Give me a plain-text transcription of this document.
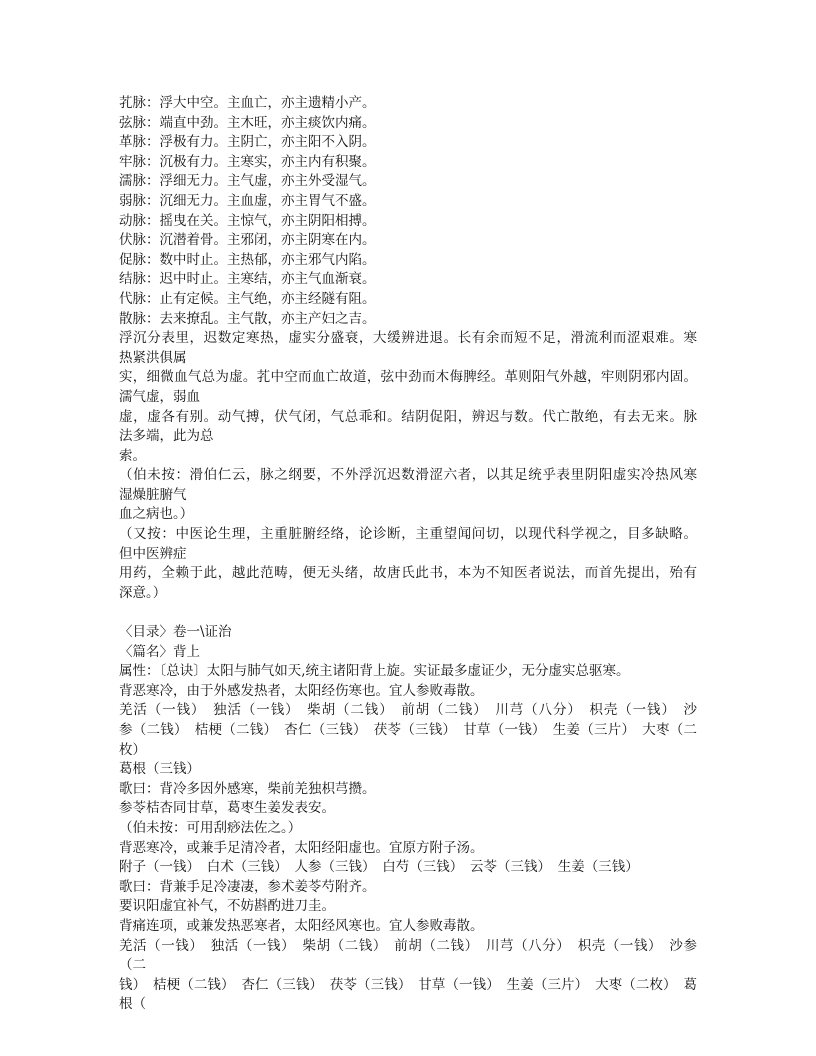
芤脉：浮大中空。主血亡，亦主遗精小产。
弦脉：端直中劲。主木旺，亦主痰饮内痛。
革脉：浮极有力。主阴亡，亦主阳不入阴。
牢脉：沉极有力。主寒实，亦主内有积聚。
濡脉：浮细无力。主气虚，亦主外受湿气。
弱脉：沉细无力。主血虚，亦主胃气不盛。
动脉：摇曳在关。主惊气，亦主阴阳相搏。
伏脉：沉潜着骨。主邪闭，亦主阴寒在内。
促脉：数中时止。主热郁，亦主邪气内陷。
结脉：迟中时止。主寒结，亦主气血渐衰。
代脉：止有定候。主气绝，亦主经隧有阻。
散脉：去来撩乱。主气散，亦主产妇之吉。
浮沉分表里，迟数定寒热，虚实分盛衰，大缓辨进退。长有余而短不足，滑流利而涩艰难。寒
热紧洪俱属
实，细微血气总为虚。芤中空而血亡故道，弦中劲而木侮脾经。革则阳气外越，牢则阴邪内固。
濡气虚，弱血
虚，虚各有别。动气搏，伏气闭，气总乖和。结阴促阳，辨迟与数。代亡散绝，有去无来。脉
法多端，此为总
索。
（伯未按：滑伯仁云，脉之纲要，不外浮沉迟数滑涩六者，以其足统乎表里阴阳虚实冷热风寒
湿燥脏腑气
血之病也。）
（又按：中医论生理，主重脏腑经络，论诊断，主重望闻问切，以现代科学视之，目多缺略。
但中医辨症
用药，全赖于此，越此范畴，便无头绪，故唐氏此书，本为不知医者说法，而首先提出，殆有
深意。）
〈目录〉卷一\证治
〈篇名〉背上
属性：〔总诀〕太阳与肺气如天,统主诸阳背上旋。实证最多虚证少，无分虚实总驱寒。
背恶寒冷，由于外感发热者，太阳经伤寒也。宜人参败毒散。
羌活（一钱）　独活（一钱）　柴胡（二钱）　前胡（二钱）　川芎（八分）　枳壳（一钱）　沙
参（二钱）　桔梗（二钱）　杏仁（三钱）　茯苓（三钱）　甘草（一钱）　生姜（三片）　大枣（二
枚）
葛根（三钱）
歌曰：背冷多因外感寒，柴前羌独枳芎攒。
参苓桔杏同甘草，葛枣生姜发表安。
（伯未按：可用刮痧法佐之。）
背恶寒冷，或兼手足清冷者，太阳经阳虚也。宜原方附子汤。
附子（一钱）　白术（三钱）　人参（三钱）　白芍（三钱）　云苓（三钱）　生姜（三钱）
歌曰：背兼手足冷凄凄，参术姜苓芍附齐。
要识阳虚宜补气，不妨斟酌进刀圭。
背痛连项，或兼发热恶寒者，太阳经风寒也。宜人参败毒散。
羌活（一钱）　独活（一钱）　柴胡（二钱）　前胡（二钱）　川芎（八分）　枳壳（一钱）　沙参
（二
钱）　桔梗（二钱）　杏仁（三钱）　茯苓（三钱）　甘草（一钱）　生姜（三片）　大枣（二枚）　葛
根（
